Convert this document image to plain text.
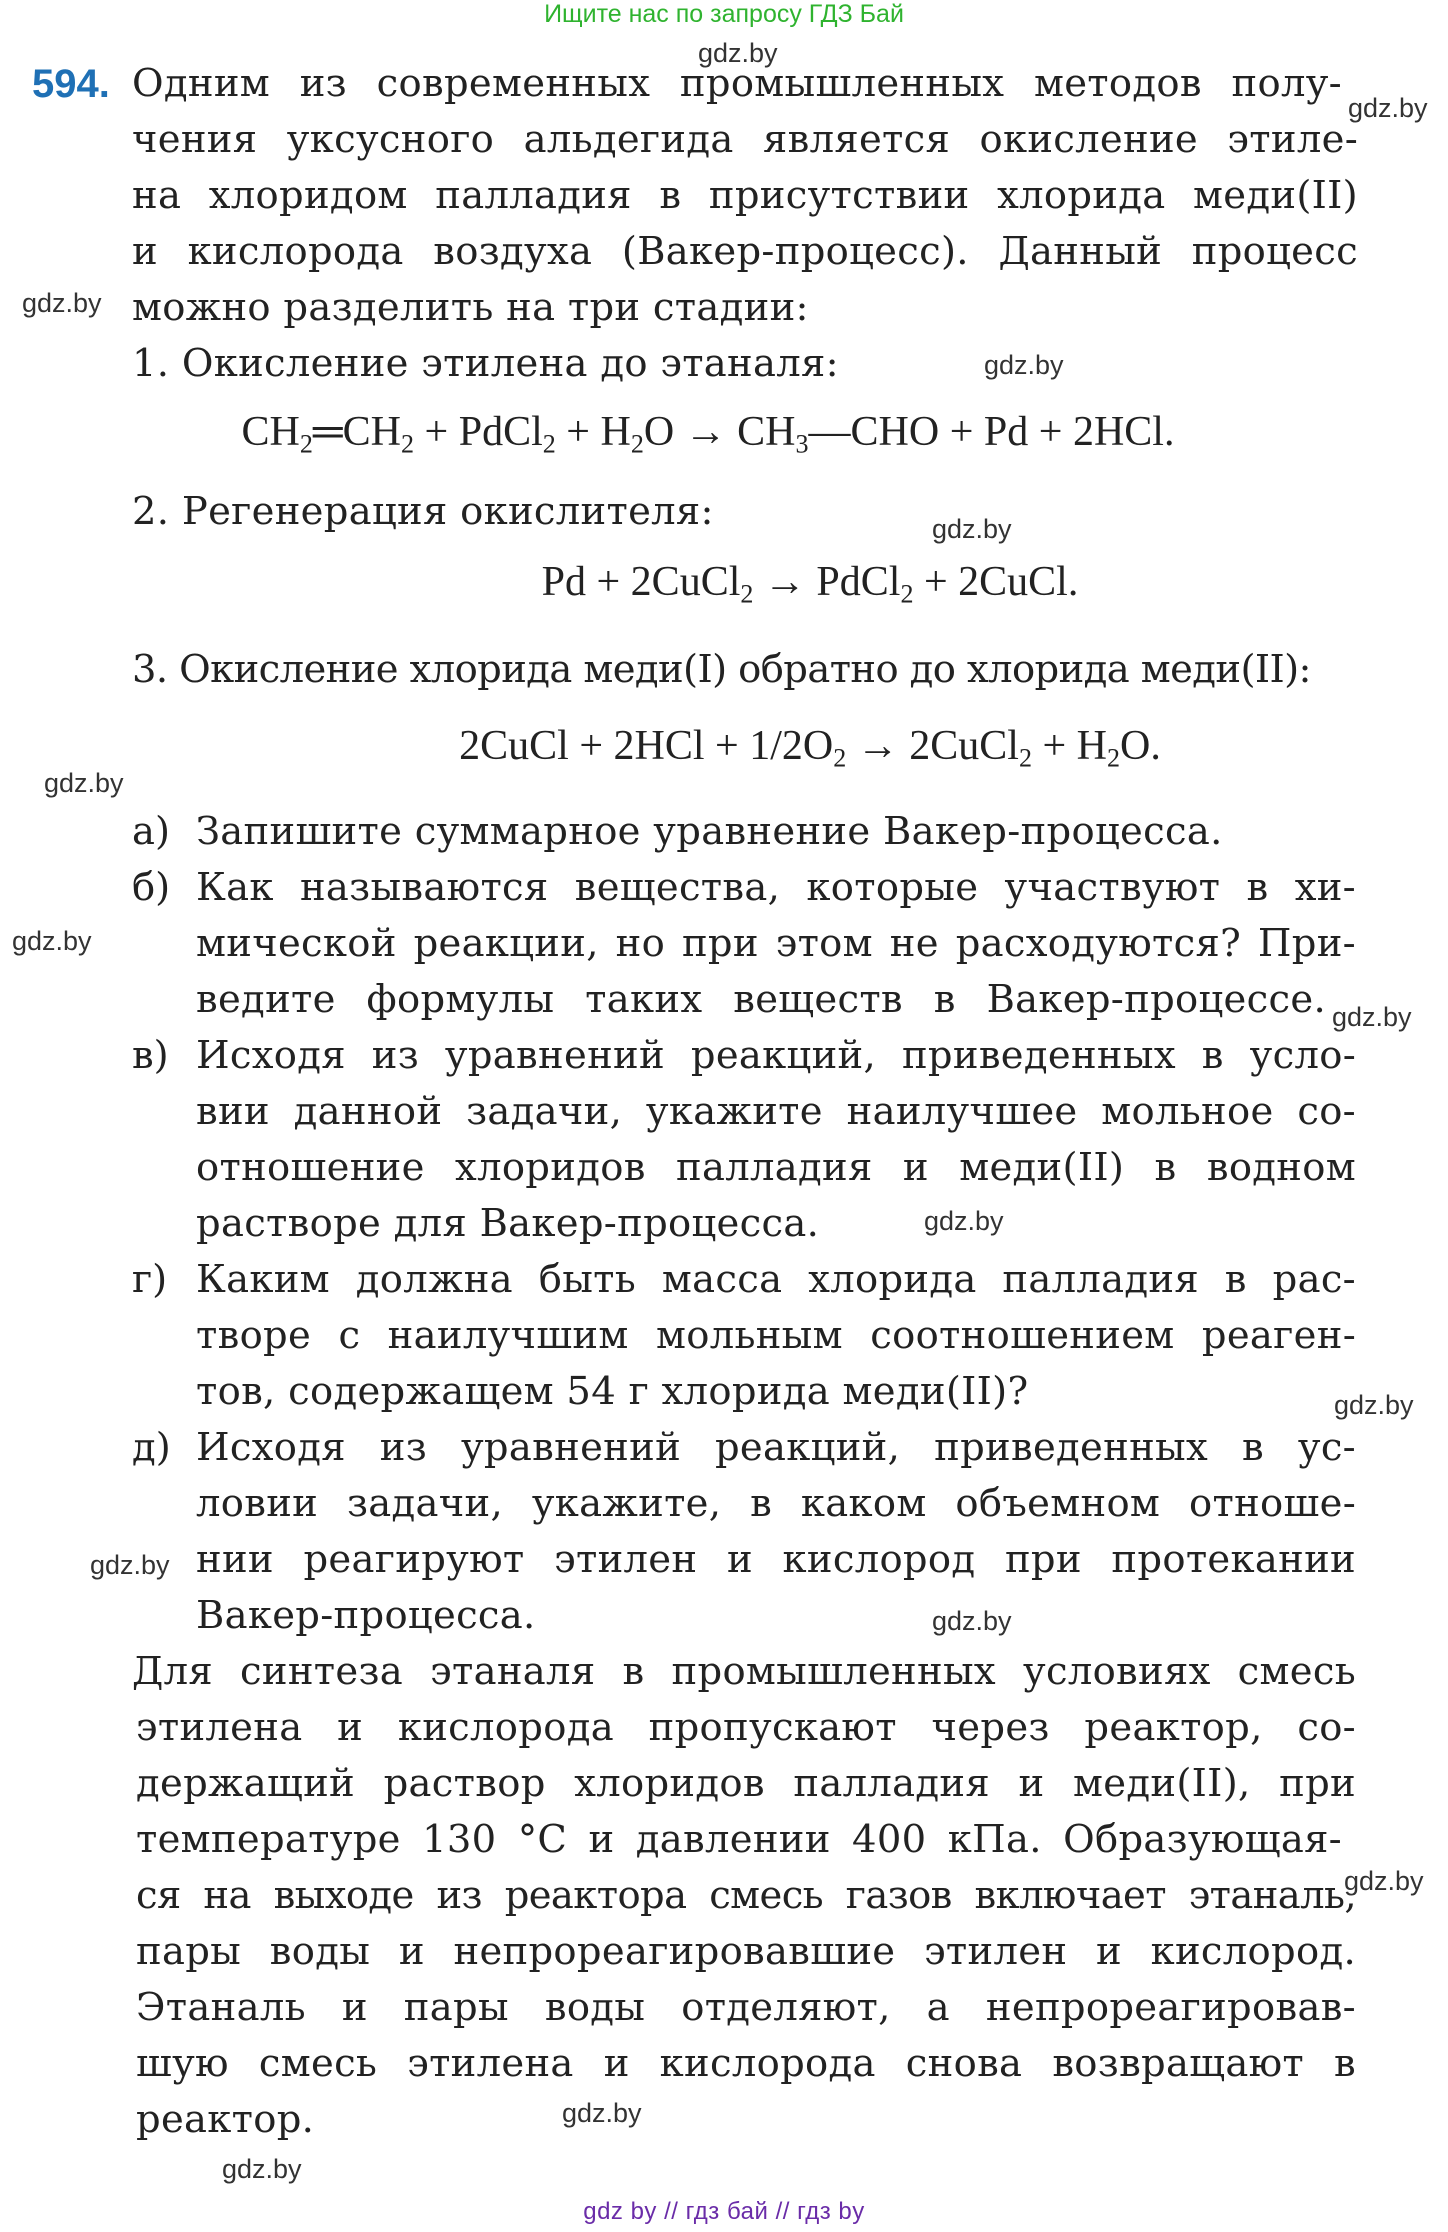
Ищите нас по запросу ГДЗ Бай
gdz.by
gdz.by
gdz.by
gdz.by
gdz.by
gdz.by
gdz.by
gdz.by
gdz.by
gdz.by
gdz.by
gdz.by
gdz.by
gdz.by
gdz.by
594. Одним из современных промышленных методов полу-
чения уксусного альдегида является окисление этиле-
на хлоридом палладия в присутствии хлорида меди(II)
и кислорода воздуха (Вакер-процесс). Данный процесс
можно разделить на три стадии:
1. Окисление этилена до этаналя:
$CH_2═CH_2$ + PdCl$_2$ + $H_2O$ → $CH_3—CHO + Pd + 2HCl$.
2. Регенерация окислителя:
Pd + 2CuCl$_2$ → PdCl$_2$ + 2CuCl.
3. Окисление хлорида меди(I) обратно до хлорида меди(II):
2CuCl + $2HCl + 1/2O_2$ → 2CuCl$_2$ + $H_2O$.
а) Запишите суммарное уравнение Вакер-процесса.
б) Как называются вещества, которые участвуют в хи-
мической реакции, но при этом не расходуются? При-
ведите формулы таких веществ в Вакер-процессе.
в) Исходя из уравнений реакций, приведенных в усло-
вии данной задачи, укажите наилучшее мольное со-
отношение хлоридов палладия и меди(II) в водном
растворе для Вакер-процесса.
г) Каким должна быть масса хлорида палладия в рас-
творе с наилучшим мольным соотношением реаген-
тов, содержащем 54 г хлорида меди(II)?
д) Исходя из уравнений реакций, приведенных в ус-
ловии задачи, укажите, в каком объемном отноше-
нии реагируют этилен и кислород при протекании
Вакер-процесса.
Для синтеза этаналя в промышленных условиях смесь
этилена и кислорода пропускают через реактор, со-
держащий раствор хлоридов палладия и меди(II), при
температуре 130 °C и давлении 400 кПа. Образующая-
ся на выходе из реактора смесь газов включает этаналь,
пары воды и непрореагировавшие этилен и кислород.
Этаналь и пары воды отделяют, а непрореагировав-
шую смесь этилена и кислорода снова возвращают в
реактор.
gdz by // гдз бай // гдз by
